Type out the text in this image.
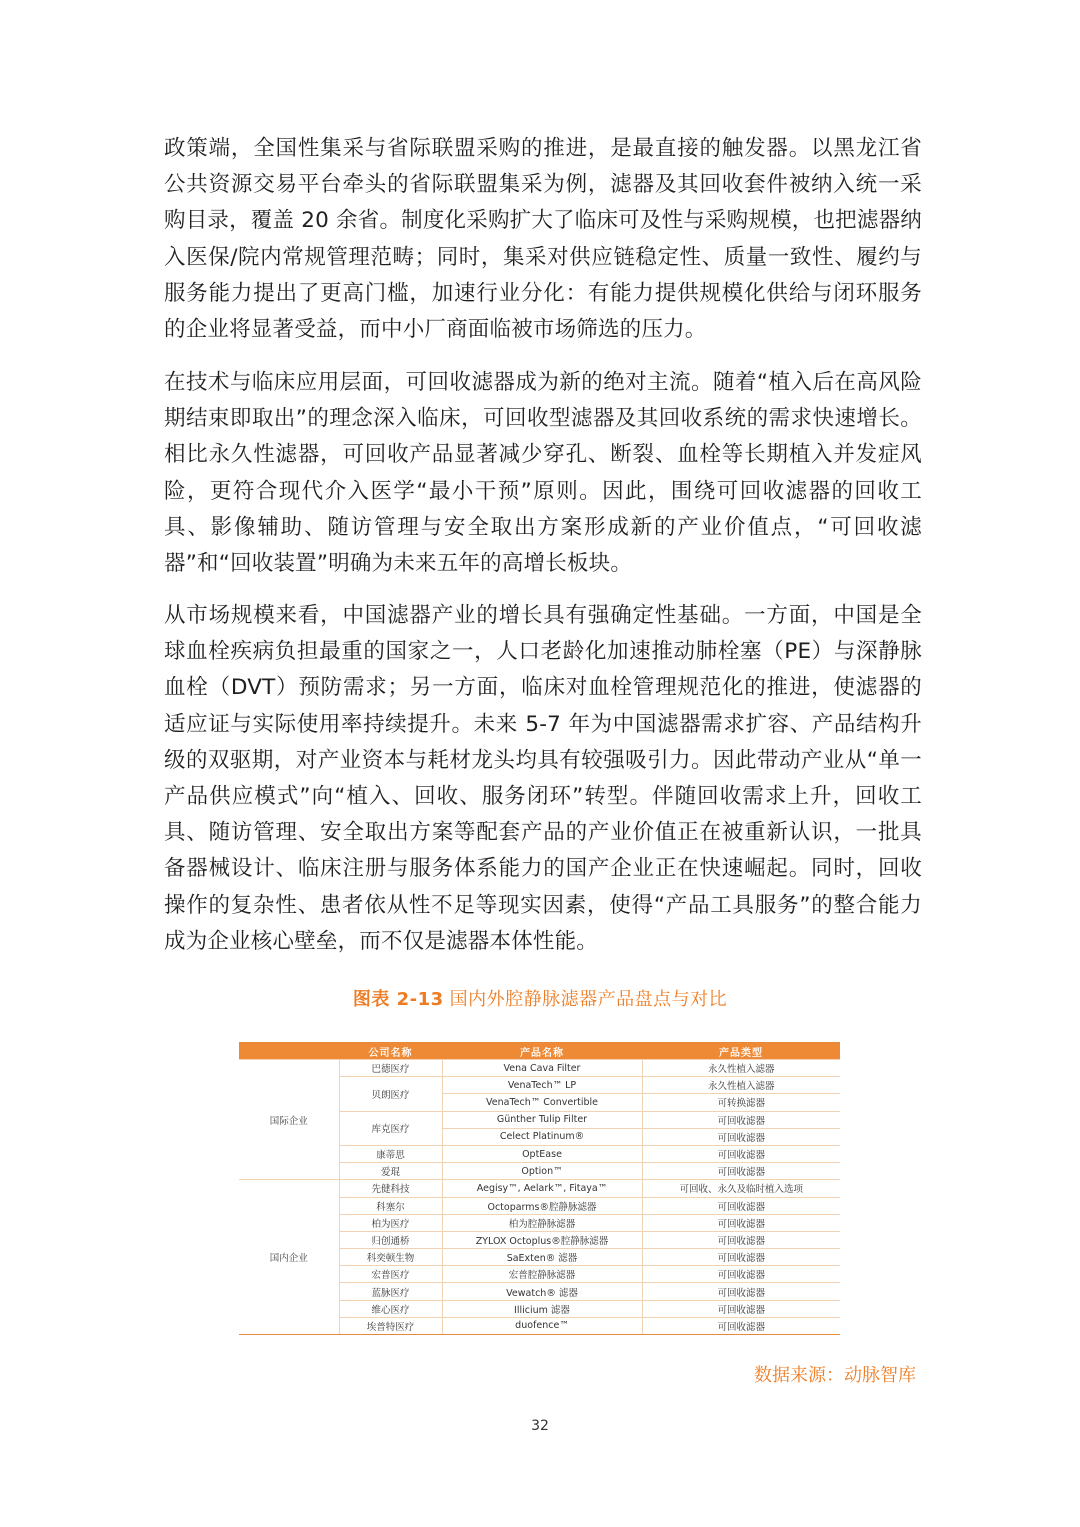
政策端，全国性集采与省际联盟采购的推进，是最直接的触发器。以黑龙江省公共资源交易平台牵头的省际联盟集采为例，滤器及其回收套件被纳入统一采购目录，覆盖 20 余省。制度化采购扩大了临床可及性与采购规模，也把滤器纳入医保/院内常规管理范畴；同时，集采对供应链稳定性、质量一致性、履约与服务能力提出了更高门槛，加速行业分化：有能力提供规模化供给与闭环服务的企业将显著受益，而中小厂商面临被市场筛选的压力。

在技术与临床应用层面，可回收滤器成为新的绝对主流。随着“植入后在高风险期结束即取出”的理念深入临床，可回收型滤器及其回收系统的需求快速增长。相比永久性滤器，可回收产品显著减少穿孔、断裂、血栓等长期植入并发症风险，更符合现代介入医学“最小干预”原则。因此，围绕可回收滤器的回收工具、影像辅助、随访管理与安全取出方案形成新的产业价值点，“可回收滤器”和“回收装置”明确为未来五年的高增长板块。

从市场规模来看，中国滤器产业的增长具有强确定性基础。一方面，中国是全球血栓疾病负担最重的国家之一，人口老龄化加速推动肺栓塞（PE）与深静脉血栓（DVT）预防需求；另一方面，临床对血栓管理规范化的推进，使滤器的适应证与实际使用率持续提升。未来 5-7 年为中国滤器需求扩容、产品结构升级的双驱期，对产业资本与耗材龙头均具有较强吸引力。因此带动产业从“单一产品供应模式”向“植入、回收、服务闭环”转型。伴随回收需求上升，回收工具、随访管理、安全取出方案等配套产品的产业价值正在被重新认识，一批具备器械设计、临床注册与服务体系能力的国产企业正在快速崛起。同时，回收操作的复杂性、患者依从性不足等现实因素，使得“产品工具服务”的整合能力成为企业核心壁垒，而不仅是滤器本体性能。

图表 2-13 国内外腔静脉滤器产品盘点与对比
	公司名称	产品名称	产品类型
国际企业	巴德医疗	Vena Cava Filter	永久性植入滤器
	贝朗医疗	VenaTech™ LP	永久性植入滤器
		VenaTech™ Convertible	可转换滤器
	库克医疗	Günther Tulip Filter	可回收滤器
		Celect Platinum®	可回收滤器
	康蒂思	OptEase	可回收滤器
	爱琨	Option™	可回收滤器
国内企业	先健科技	Aegisy™, Aelark™, Fitaya™	可回收、永久及临时植入选项
	科塞尔	Octoparms®腔静脉滤器	可回收滤器
	柏为医疗	柏为腔静脉滤器	可回收滤器
	归创通桥	ZYLOX Octoplus®腔静脉滤器	可回收滤器
	科奕顿生物	SaExten® 滤器	可回收滤器
	宏普医疗	宏普腔静脉滤器	可回收滤器
	蓝脉医疗	Vewatch® 滤器	可回收滤器
	维心医疗	Illicium 滤器	可回收滤器
	埃普特医疗	duofence™	可回收滤器
数据来源：动脉智库
32
